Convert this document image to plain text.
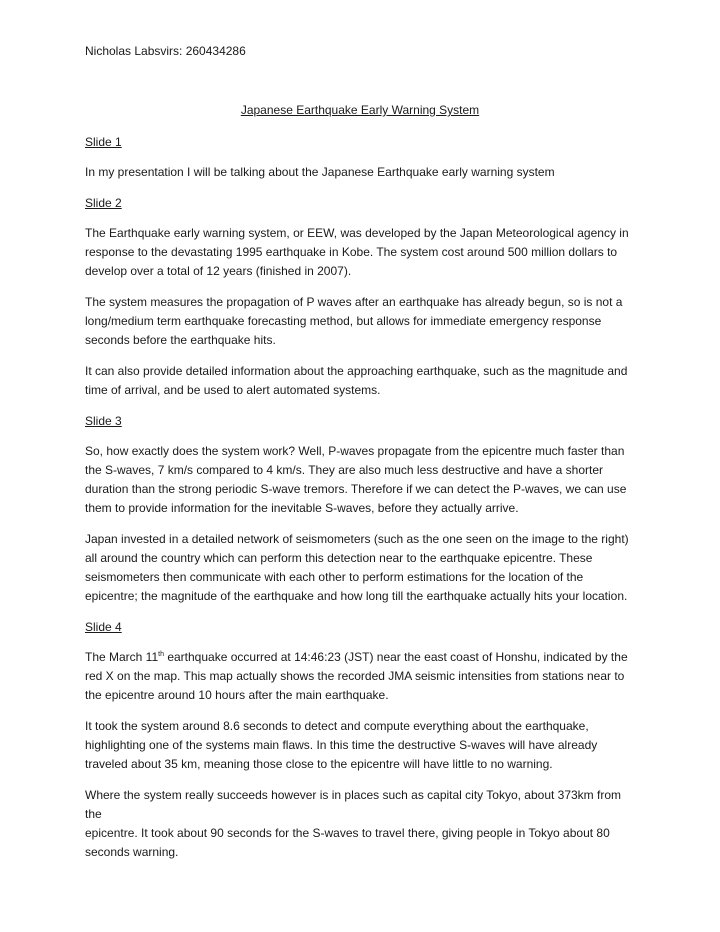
Nicholas Labsvirs: 260434286

Japanese Earthquake Early Warning System

Slide 1

In my presentation I will be talking about the Japanese Earthquake early warning system

Slide 2

The Earthquake early warning system, or EEW, was developed by the Japan Meteorological agency in
response to the devastating 1995 earthquake in Kobe. The system cost around 500 million dollars to
develop over a total of 12 years (finished in 2007).

The system measures the propagation of P waves after an earthquake has already begun, so is not a
long/medium term earthquake forecasting method, but allows for immediate emergency response
seconds before the earthquake hits.

It can also provide detailed information about the approaching earthquake, such as the magnitude and
time of arrival, and be used to alert automated systems.

Slide 3

So, how exactly does the system work? Well, P-waves propagate from the epicentre much faster than
the S-waves, 7 km/s compared to 4 km/s. They are also much less destructive and have a shorter
duration than the strong periodic S-wave tremors. Therefore if we can detect the P-waves, we can use
them to provide information for the inevitable S-waves, before they actually arrive.

Japan invested in a detailed network of seismometers (such as the one seen on the image to the right)
all around the country which can perform this detection near to the earthquake epicentre. These
seismometers then communicate with each other to perform estimations for the location of the
epicentre; the magnitude of the earthquake and how long till the earthquake actually hits your location.

Slide 4

The March 11th earthquake occurred at 14:46:23 (JST) near the east coast of Honshu, indicated by the
red X on the map. This map actually shows the recorded JMA seismic intensities from stations near to
the epicentre around 10 hours after the main earthquake.

It took the system around 8.6 seconds to detect and compute everything about the earthquake,
highlighting one of the systems main flaws. In this time the destructive S-waves will have already
traveled about 35 km, meaning those close to the epicentre will have little to no warning.

Where the system really succeeds however is in places such as capital city Tokyo, about 373km from the
epicentre. It took about 90 seconds for the S-waves to travel there, giving people in Tokyo about 80
seconds warning.
